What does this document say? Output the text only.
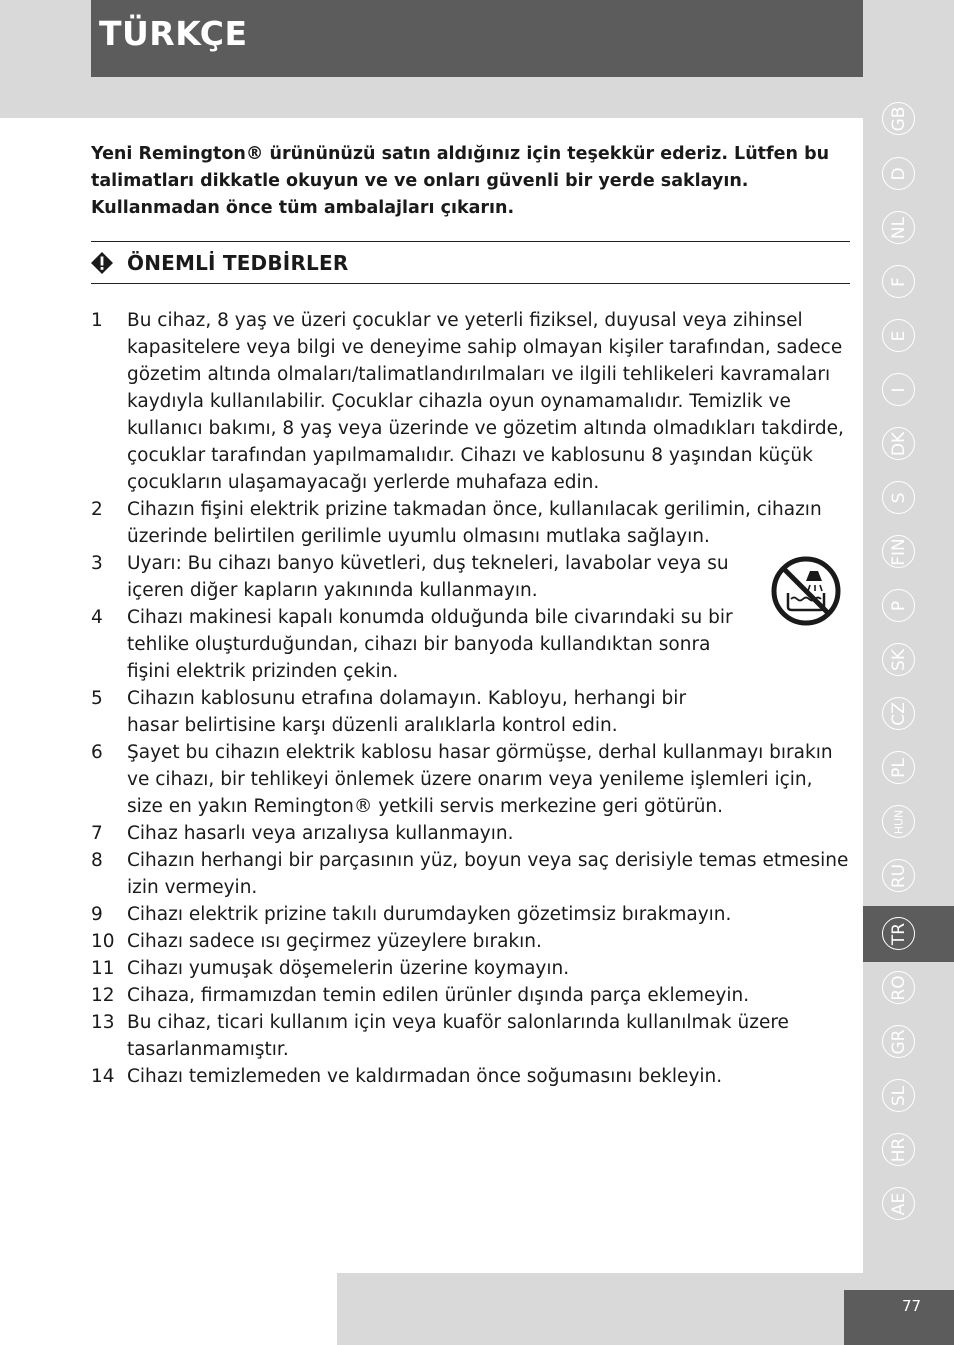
TÜRKÇE
Yeni Remington® ürününüzü satın aldığınız için teşekkür ederiz. Lütfen bu talimatları dikkatle okuyun ve ve onları güvenli bir yerde saklayın. Kullanmadan önce tüm ambalajları çıkarın.
ÖNEMLİ TEDBİRLER
1 Bu cihaz, 8 yaş ve üzeri çocuklar ve yeterli fiziksel, duyusal veya zihinsel kapasitelere veya bilgi ve deneyime sahip olmayan kişiler tarafından, sadece gözetim altında olmaları/talimatlandırılmaları ve ilgili tehlikeleri kavramaları kaydıyla kullanılabilir. Çocuklar cihazla oyun oynamamalıdır. Temizlik ve kullanıcı bakımı, 8 yaş veya üzerinde ve gözetim altında olmadıkları takdirde, çocuklar tarafından yapılmamalıdır. Cihazı ve kablosunu 8 yaşından küçük çocukların ulaşamayacağı yerlerde muhafaza edin.
2 Cihazın fişini elektrik prizine takmadan önce, kullanılacak gerilimin, cihazın üzerinde belirtilen gerilimle uyumlu olmasını mutlaka sağlayın.
3 Uyarı: Bu cihazı banyo küvetleri, duş tekneleri, lavabolar veya su içeren diğer kapların yakınında kullanmayın.
4 Cihazı makinesi kapalı konumda olduğunda bile civarındaki su bir tehlike oluşturduğundan, cihazı bir banyoda kullandıktan sonra fişini elektrik prizinden çekin.
5 Cihazın kablosunu etrafına dolamayın. Kabloyu, herhangi bir hasar belirtisine karşı düzenli aralıklarla kontrol edin.
6 Şayet bu cihazın elektrik kablosu hasar görmüşse, derhal kullanmayı bırakın ve cihazı, bir tehlikeyi önlemek üzere onarım veya yenileme işlemleri için, size en yakın Remington® yetkili servis merkezine geri götürün.
7 Cihaz hasarlı veya arızalıysa kullanmayın.
8 Cihazın herhangi bir parçasının yüz, boyun veya saç derisiyle temas etmesine izin vermeyin.
9 Cihazı elektrik prizine takılı durumdayken gözetimsiz bırakmayın.
10 Cihazı sadece ısı geçirmez yüzeylere bırakın.
11 Cihazı yumuşak döşemelerin üzerine koymayın.
12 Cihaza, firmamızdan temin edilen ürünler dışında parça eklemeyin.
13 Bu cihaz, ticari kullanım için veya kuaför salonlarında kullanılmak üzere tasarlanmamıştır.
14 Cihazı temizlemeden ve kaldırmadan önce soğumasını bekleyin.
GB
D
NL
F
E
I
DK
S
FIN
P
SK
CZ
PL
HUN
RU
TR
RO
GR
SL
HR
AE
77
